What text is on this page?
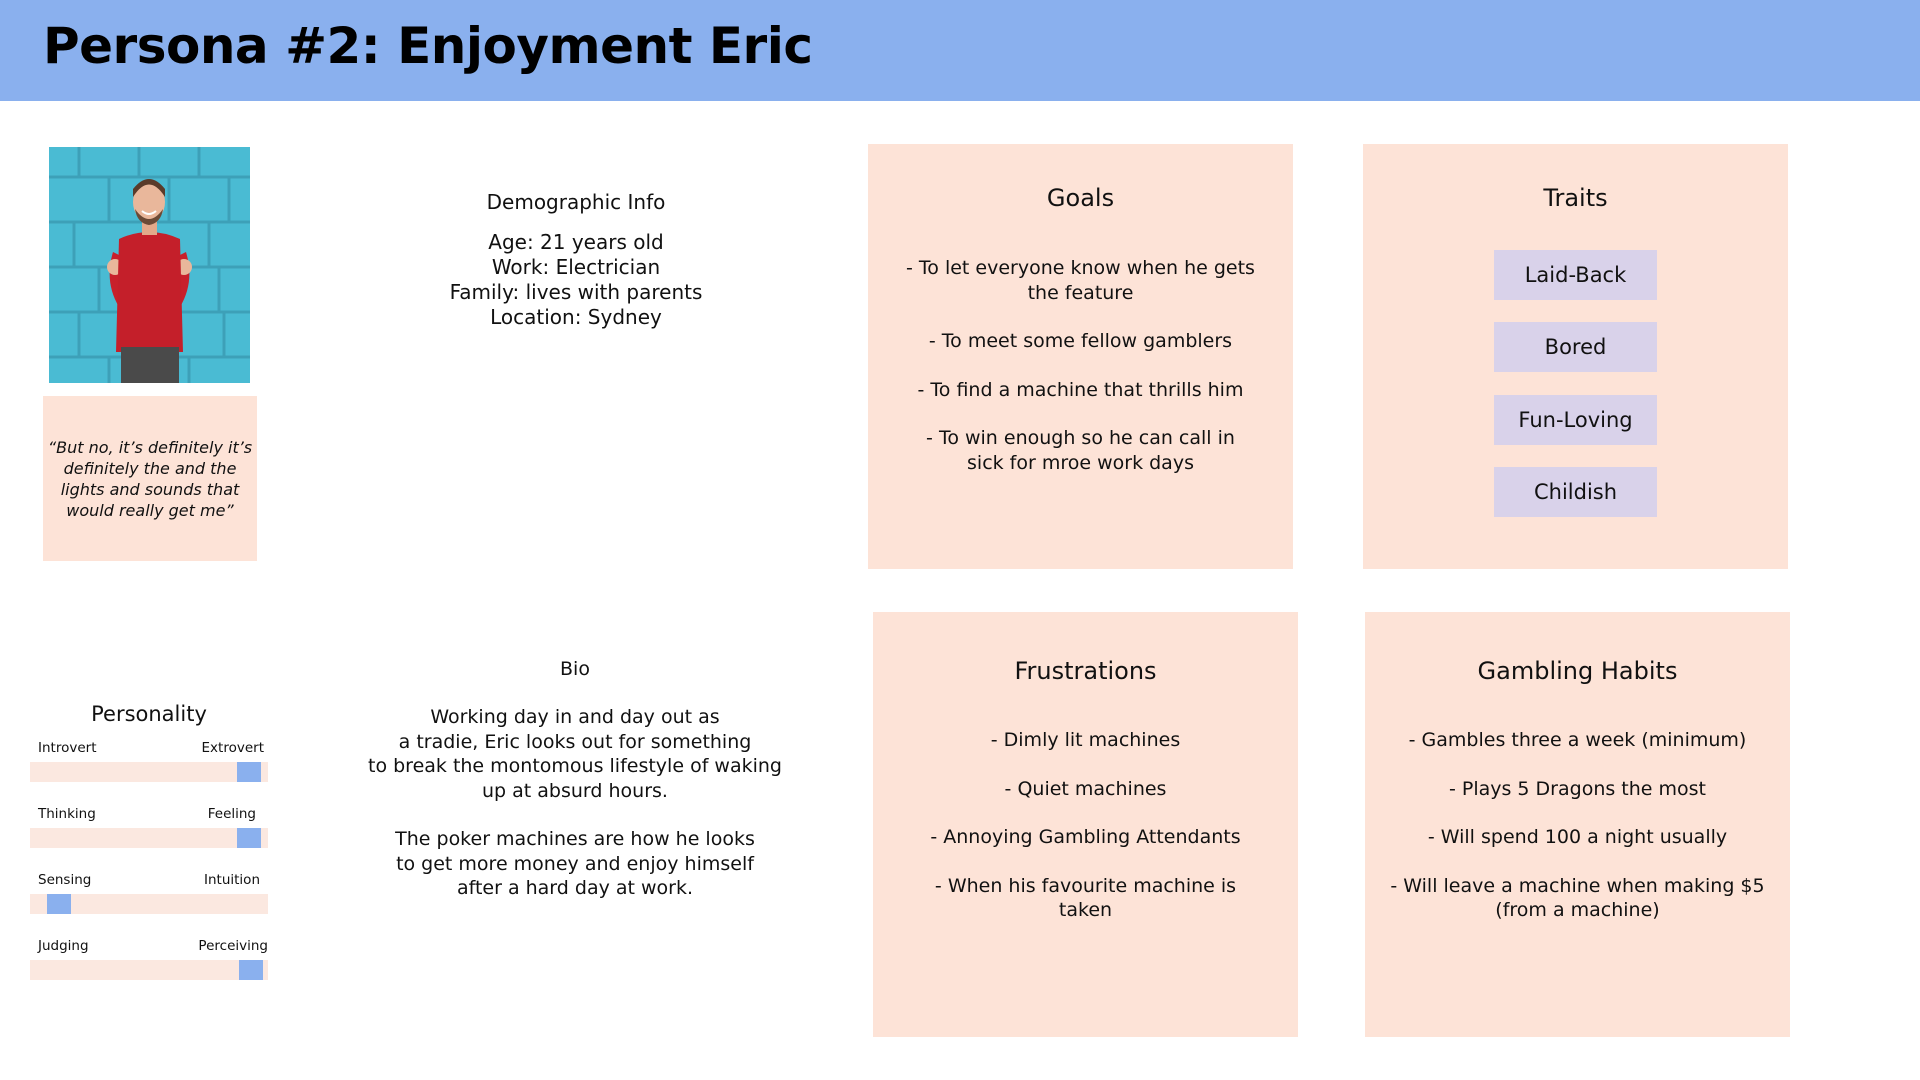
Persona #2: Enjoyment Eric
“But no, it’s definitely it’s definitely the and the lights and sounds that would really get me”
Demographic Info
Age: 21 years old
Work: Electrician
Family: lives with parents
Location: Sydney
Bio
Working day in and day out as
a tradie, Eric looks out for something
to break the montomous lifestyle of waking
up at absurd hours.
The poker machines are how he looks
to get more money and enjoy himself
after a hard day at work.
Goals
- To let everyone know when he gets
the feature
- To meet some fellow gamblers
- To find a machine that thrills him
- To win enough so he can call in
sick for mroe work days
Traits
Laid-Back
Bored
Fun-Loving
Childish
Frustrations
- Dimly lit machines
- Quiet machines
- Annoying Gambling Attendants
- When his favourite machine is
taken
Gambling Habits
- Gambles three a week (minimum)
- Plays 5 Dragons the most
- Will spend 100 a night usually
- Will leave a machine when making $5
(from a machine)
Personality
Introvert	Extrovert
Thinking	Feeling
Sensing	Intuition
Judging	Perceiving
